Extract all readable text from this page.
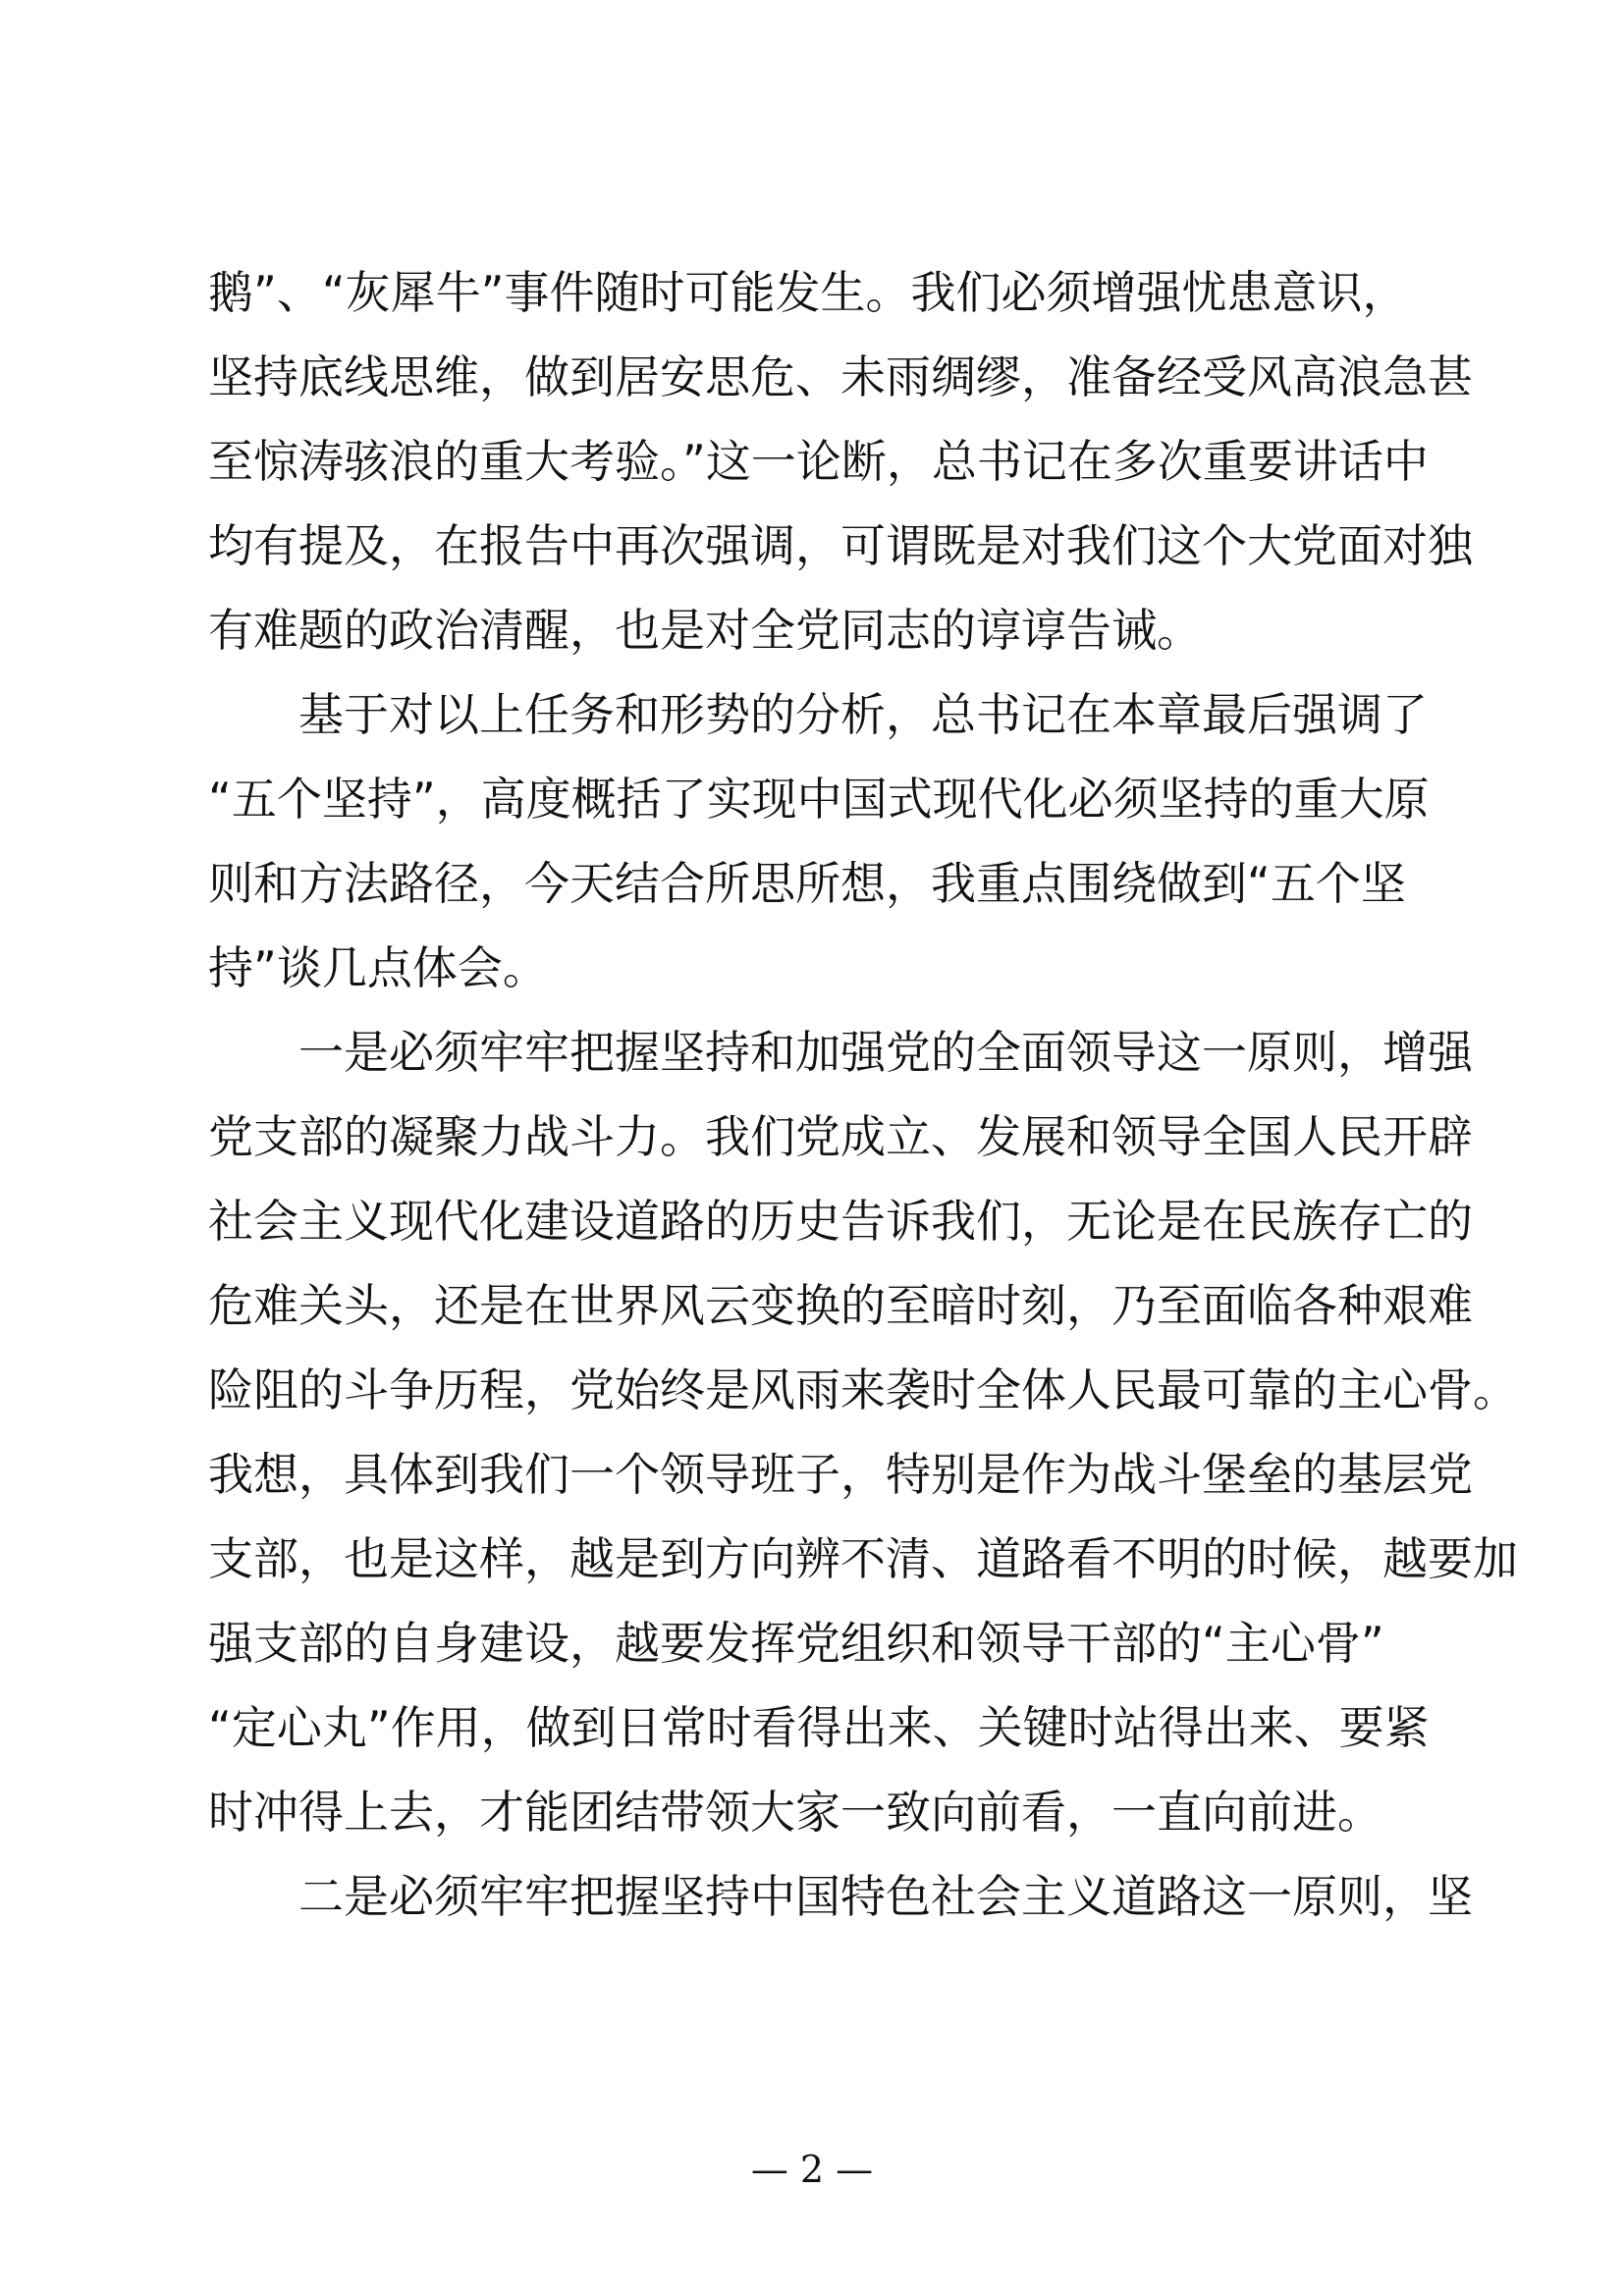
鹅”、“灰犀牛”事件随时可能发生。我们必须增强忧患意识，
坚持底线思维，做到居安思危、未雨绸缪，准备经受风高浪急甚
至惊涛骇浪的重大考验。”这一论断，总书记在多次重要讲话中
均有提及，在报告中再次强调，可谓既是对我们这个大党面对独
有难题的政治清醒，也是对全党同志的谆谆告诫。
基于对以上任务和形势的分析，总书记在本章最后强调了
“五个坚持”，高度概括了实现中国式现代化必须坚持的重大原
则和方法路径，今天结合所思所想，我重点围绕做到“五个坚
持”谈几点体会。
一是必须牢牢把握坚持和加强党的全面领导这一原则，增强
党支部的凝聚力战斗力。我们党成立、发展和领导全国人民开辟
社会主义现代化建设道路的历史告诉我们，无论是在民族存亡的
危难关头，还是在世界风云变换的至暗时刻，乃至面临各种艰难
险阻的斗争历程，党始终是风雨来袭时全体人民最可靠的主心骨。
我想，具体到我们一个领导班子，特别是作为战斗堡垒的基层党
支部，也是这样，越是到方向辨不清、道路看不明的时候，越要加
强支部的自身建设，越要发挥党组织和领导干部的“主心骨”
“定心丸”作用，做到日常时看得出来、关键时站得出来、要紧
时冲得上去，才能团结带领大家一致向前看，一直向前进。
二是必须牢牢把握坚持中国特色社会主义道路这一原则，坚
— 2 —
